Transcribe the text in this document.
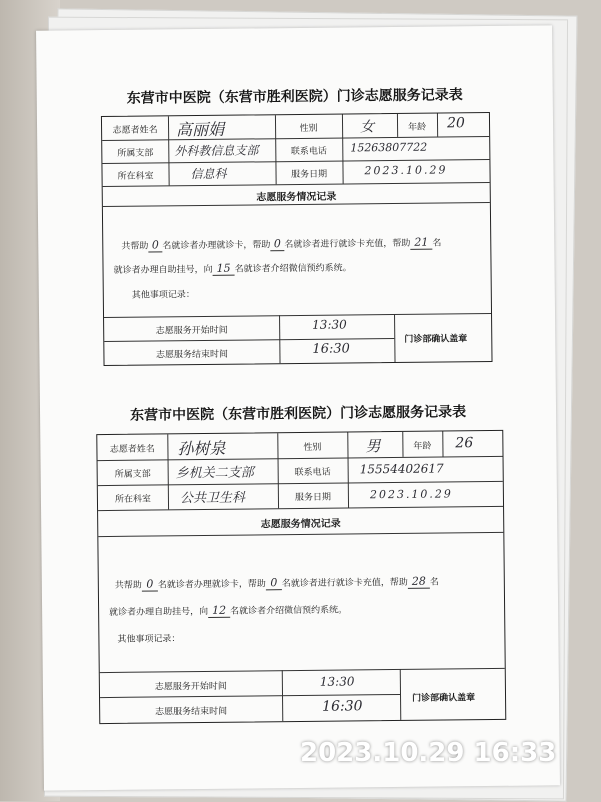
东营市中医院（东营市胜利医院）门诊志愿服务记录表
志愿者姓名	高丽娟	性别	女	年龄	20
所属支部	外科教信息支部	联系电话	15263807722
所在科室	信息科	服务日期	2023.10.29
志愿服务情况记录
共帮助 0 名就诊者办理就诊卡，帮助 0 名就诊者进行就诊卡充值，帮助 21 名
就诊者办理自助挂号，向 15 名就诊者介绍微信预约系统。
其他事项记录：
志愿服务开始时间	13:30
志愿服务结束时间	16:30
门诊部确认盖章
东营市中医院（东营市胜利医院）门诊志愿服务记录表
志愿者姓名	孙树泉	性别	男	年龄	26
所属支部	乡机关二支部	联系电话	15554402617
所在科室	公共卫生科	服务日期	2023.10.29
志愿服务情况记录
共帮助 0 名就诊者办理就诊卡，帮助 0 名就诊者进行就诊卡充值，帮助 28 名
就诊者办理自助挂号，向 12 名就诊者介绍微信预约系统。
其他事项记录：
志愿服务开始时间	13:30
志愿服务结束时间	16:30	门诊部确认盖章
2023.10.29 16:33
